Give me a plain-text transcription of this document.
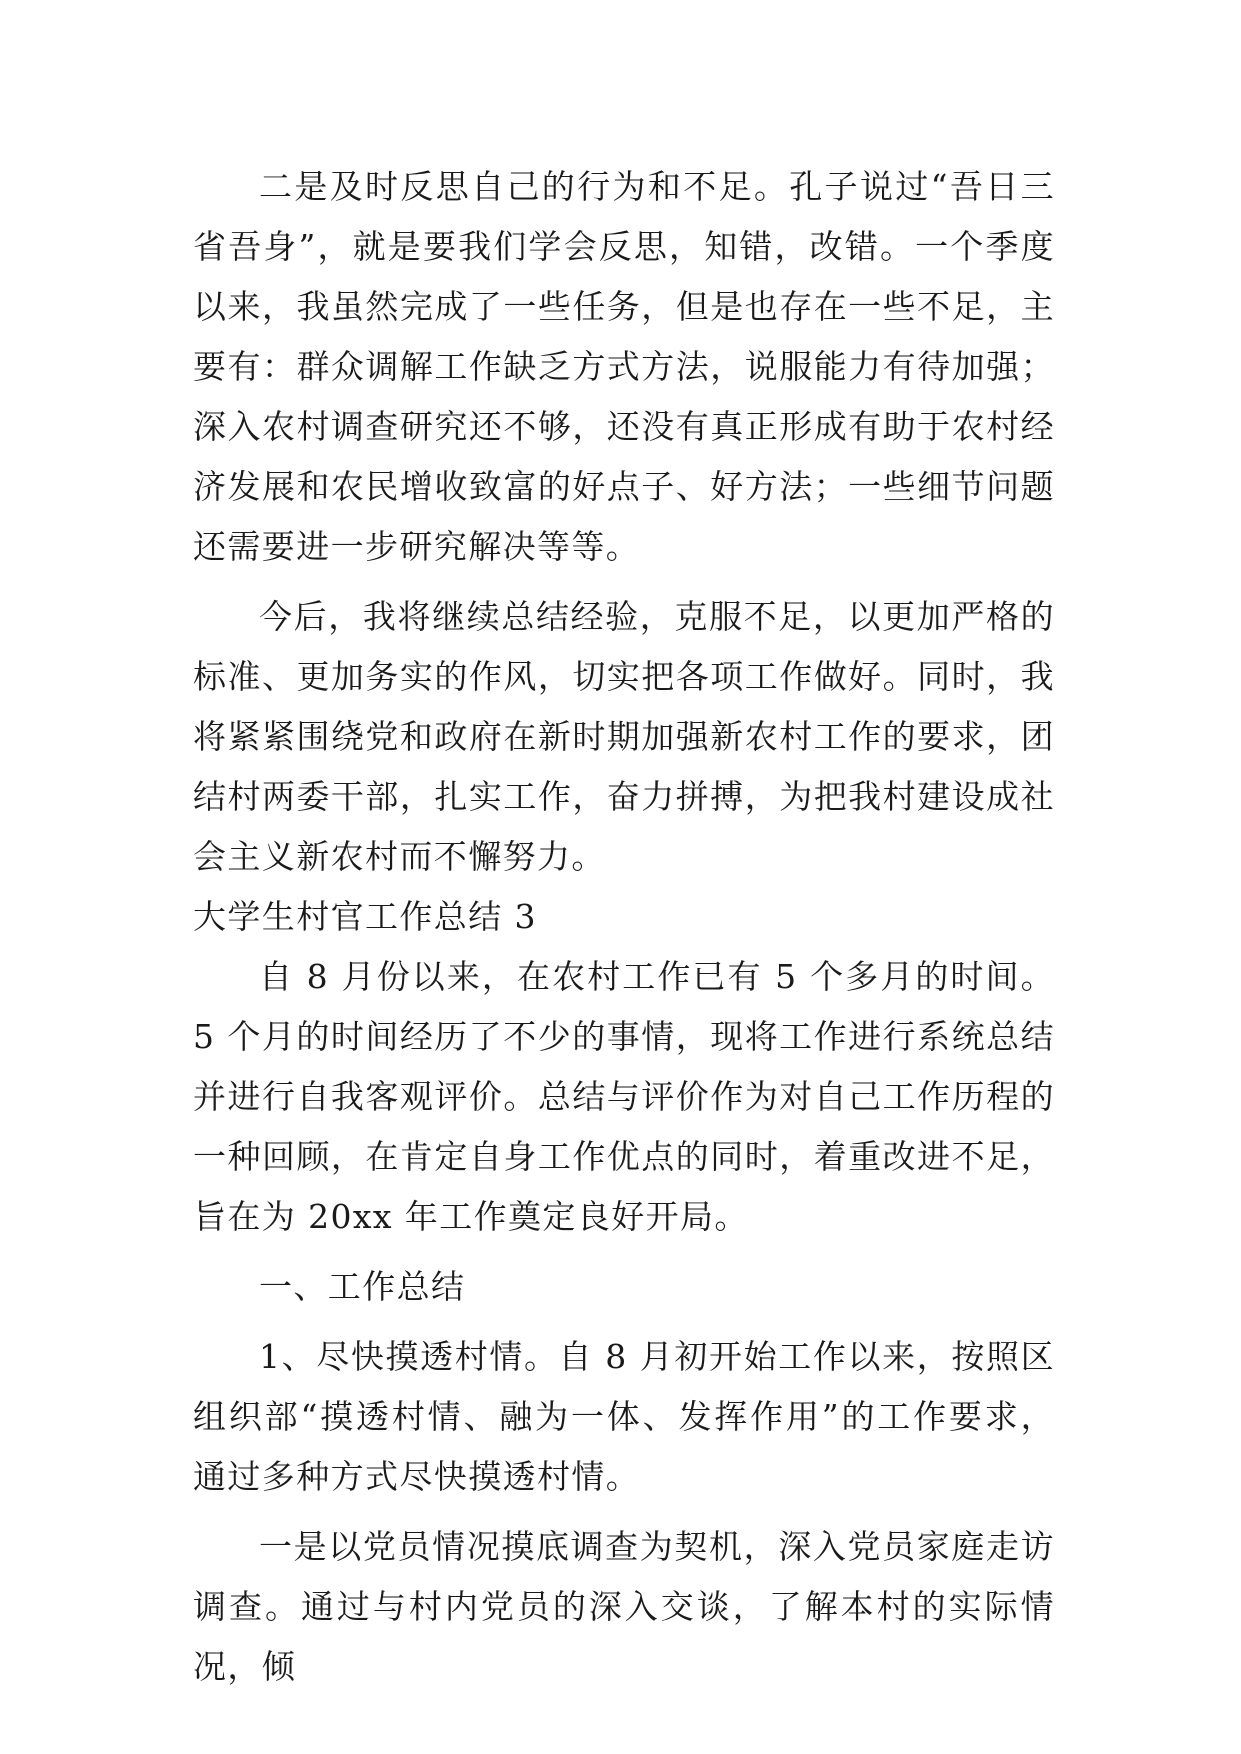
二是及时反思自己的行为和不足。孔子说过“吾日三省吾身”，就是要我们学会反思，知错，改错。一个季度以来，我虽然完成了一些任务，但是也存在一些不足，主要有：群众调解工作缺乏方式方法，说服能力有待加强；深入农村调查研究还不够，还没有真正形成有助于农村经济发展和农民增收致富的好点子、好方法；一些细节问题还需要进一步研究解决等等。

今后，我将继续总结经验，克服不足，以更加严格的标准、更加务实的作风，切实把各项工作做好。同时，我将紧紧围绕党和政府在新时期加强新农村工作的要求，团结村两委干部，扎实工作，奋力拼搏，为把我村建设成社会主义新农村而不懈努力。

大学生村官工作总结 3

自 8 月份以来，在农村工作已有 5 个多月的时间。5 个月的时间经历了不少的事情，现将工作进行系统总结并进行自我客观评价。总结与评价作为对自己工作历程的一种回顾，在肯定自身工作优点的同时，着重改进不足，旨在为 20xx 年工作奠定良好开局。

一、工作总结

1、尽快摸透村情。自 8 月初开始工作以来，按照区组织部“摸透村情、融为一体、发挥作用”的工作要求，通过多种方式尽快摸透村情。

一是以党员情况摸底调查为契机，深入党员家庭走访调查。通过与村内党员的深入交谈，了解本村的实际情况，倾
